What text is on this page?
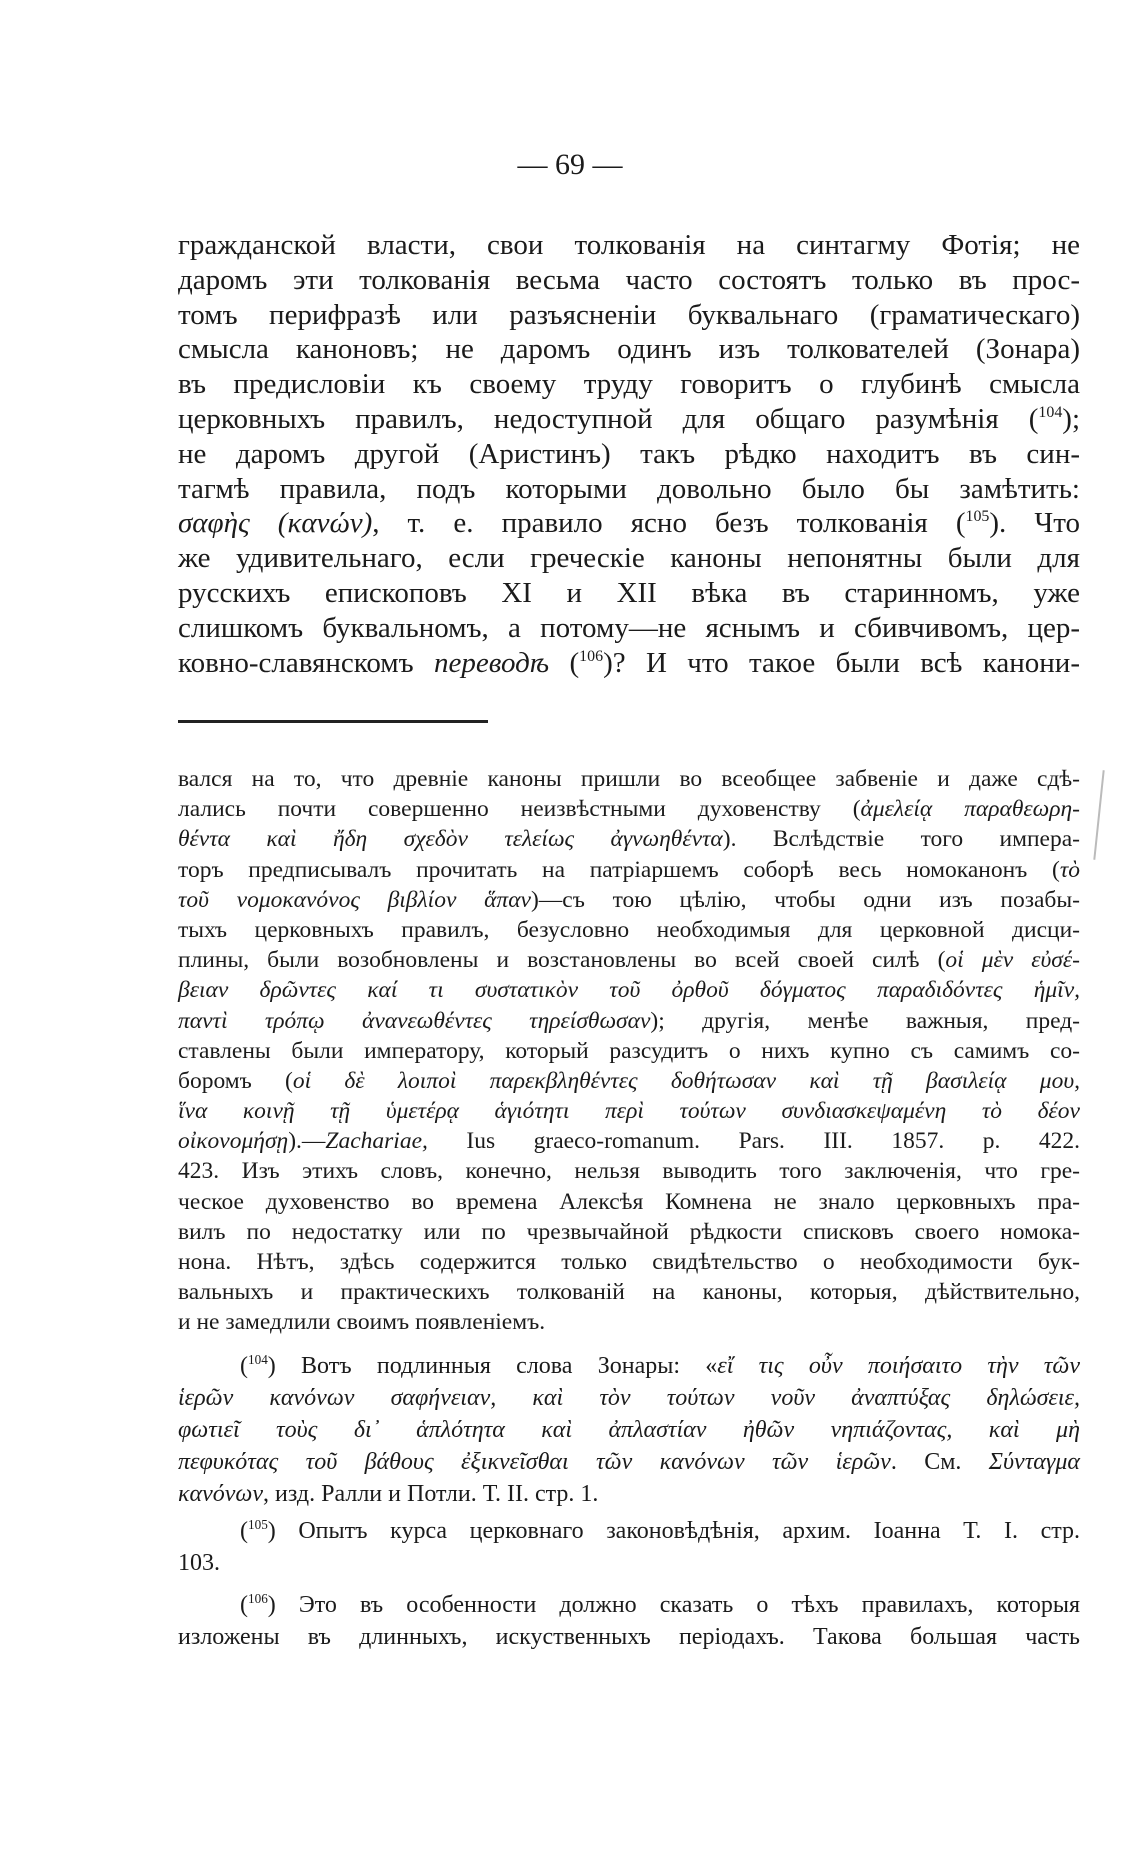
— 69 —
гражданской власти, свои толкованія на синтагму Фотія; не
даромъ эти толкованія весьма часто состоятъ только въ прос-
томъ перифразѣ или разъясненіи буквальнаго (граматическаго)
смысла каноновъ; не даромъ одинъ изъ толкователей (Зонара)
въ предисловіи къ своему труду говоритъ о глубинѣ смысла
церковныхъ правилъ, недоступной для общаго разумѣнія ($^{104}$);
не даромъ другой (Аристинъ) такъ рѣдко находитъ въ син-
тагмѣ правила, подъ которыми довольно было бы замѣтить:
σαφὴς (κανών), т. е. правило ясно безъ толкованія ($^{105}$). Что
же удивительнаго, если греческіе каноны непонятны были для
русскихъ епископовъ XI и XII вѣка въ старинномъ, уже
слишкомъ буквальномъ, а потому—не яснымъ и сбивчивомъ, цер-
ковно-славянскомъ переводѣ ($^{106}$)? И что такое были всѣ канони-
вался на то, что древніе каноны пришли во всеобщее забвеніе и даже сдѣ-
лались почти совершенно неизвѣстными духовенству (ἀμελείᾳ παραθεωρη-
θέντα καὶ ἤδη σχεδὸν τελείως ἀγνωηθέντα). Вслѣдствіе того импера-
торъ предписывалъ прочитать на патріаршемъ соборѣ весь номоканонъ (τὸ
τοῦ νομοκανόνος βιβλίον ἅπαν)—съ тою цѣлію, чтобы одни изъ позабы-
тыхъ церковныхъ правилъ, безусловно необходимыя для церковной дисци-
плины, были возобновлены и возстановлены во всей своей силѣ (οἱ μὲν εὐσέ-
βειαν δρῶντες καί τι συστατικὸν τοῦ ὀρθοῦ δόγματος παραδιδόντες ἡμῖν,
παντὶ τρόπῳ ἀνανεωθέντες τηρείσθωσαν); другія, менѣе важныя, пред-
ставлены были императору, который разсудитъ о нихъ купно съ самимъ со-
боромъ (οἱ δὲ λοιποὶ παρεκβληθέντες δοθήτωσαν καὶ τῇ βασιλείᾳ μου,
ἵνα κοινῇ τῇ ὑμετέρᾳ ἁγιότητι περὶ τούτων συνδιασκεψαμένη τὸ δέον
οἰκονομήσῃ).—Zachariae, Ius graeco-romanum. Pars. III. 1857. p. 422.
423. Изъ этихъ словъ, конечно, нельзя выводить того заключенія, что гре-
ческое духовенство во времена Алексѣя Комнена не знало церковныхъ пра-
вилъ по недостатку или по чрезвычайной рѣдкости списковъ своего номока-
нона. Нѣтъ, здѣсь содержится только свидѣтельство о необходимости бук-
вальныхъ и практическихъ толкованій на каноны, которыя, дѣйствительно,
и не замедлили своимъ появленіемъ.
($^{104}$) Вотъ подлинныя слова Зонары: «εἴ τις οὖν ποιήσαιτο τὴν τῶν
ἱερῶν κανόνων σαφήνειαν, καὶ τὸν τούτων νοῦν ἀναπτύξας δηλώσειε,
φωτιεῖ τοὺς δι᾽ ἁπλότητα καὶ ἀπλαστίαν ἠθῶν νηπιάζοντας, καὶ μὴ
πεφυκότας τοῦ βάθους ἐξικνεῖσθαι τῶν κανόνων τῶν ἱερῶν. См. Σύνταγμα
κανόνων, изд. Ралли и Потли. Т. II. стр. 1.
($^{105}$) Опытъ курса церковнаго законовѣдѣнія, архим. Іоанна Т. I. стр.
103.
($^{106}$) Это въ особенности должно сказать о тѣхъ правилахъ, которыя
изложены въ длинныхъ, искуственныхъ періодахъ. Такова большая часть
